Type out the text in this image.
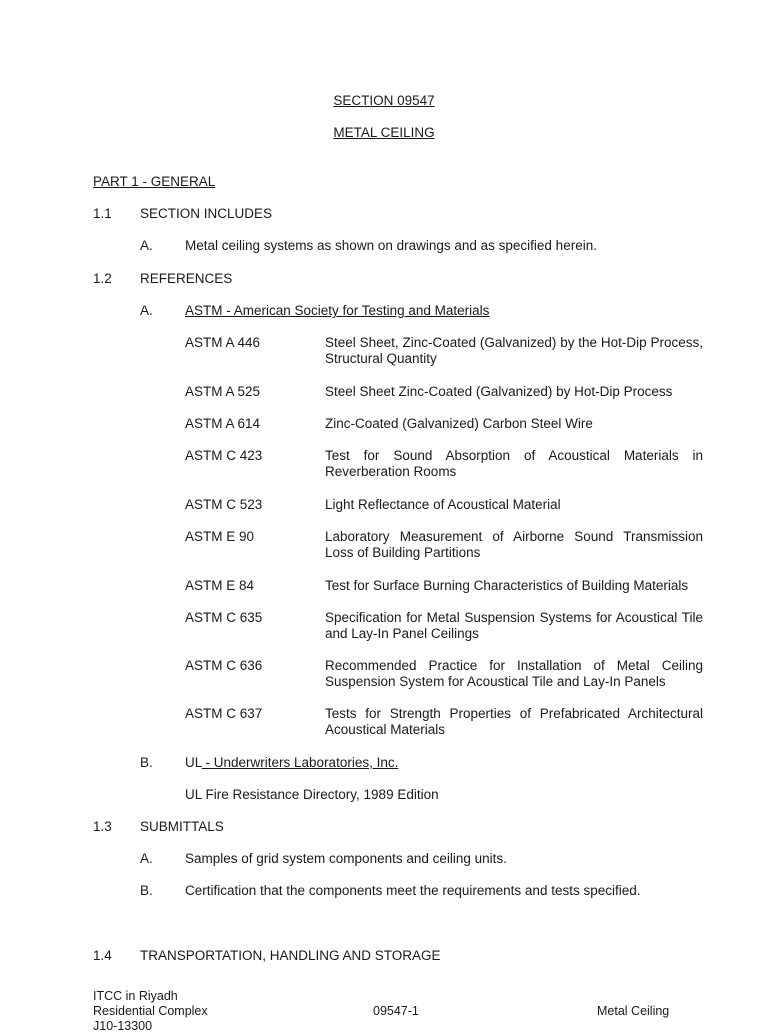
SECTION 09547
METAL CEILING
PART 1 - GENERAL
1.1 SECTION INCLUDES
A. Metal ceiling systems as shown on drawings and as specified herein.
1.2 REFERENCES
A. ASTM - American Society for Testing and Materials
ASTM A 446	Steel Sheet, Zinc-Coated (Galvanized) by the Hot-Dip Process, Structural Quantity
ASTM A 525	Steel Sheet Zinc-Coated (Galvanized) by Hot-Dip Process
ASTM A 614	Zinc-Coated (Galvanized) Carbon Steel Wire
ASTM C 423	Test for Sound Absorption of Acoustical Materials in Reverberation Rooms
ASTM C 523	Light Reflectance of Acoustical Material
ASTM E 90	Laboratory Measurement of Airborne Sound Transmission Loss of Building Partitions
ASTM E 84	Test for Surface Burning Characteristics of Building Materials
ASTM C 635	Specification for Metal Suspension Systems for Acoustical Tile and Lay-In Panel Ceilings
ASTM C 636	Recommended Practice for Installation of Metal Ceiling Suspension System for Acoustical Tile and Lay-In Panels
ASTM C 637	Tests for Strength Properties of Prefabricated Architectural Acoustical Materials
B. UL - Underwriters Laboratories, Inc.
UL Fire Resistance Directory, 1989 Edition
1.3 SUBMITTALS
A. Samples of grid system components and ceiling units.
B. Certification that the components meet the requirements and tests specified.
1.4 TRANSPORTATION, HANDLING AND STORAGE
ITCC in Riyadh
Residential Complex
J10-13300
09547-1	Metal Ceiling
